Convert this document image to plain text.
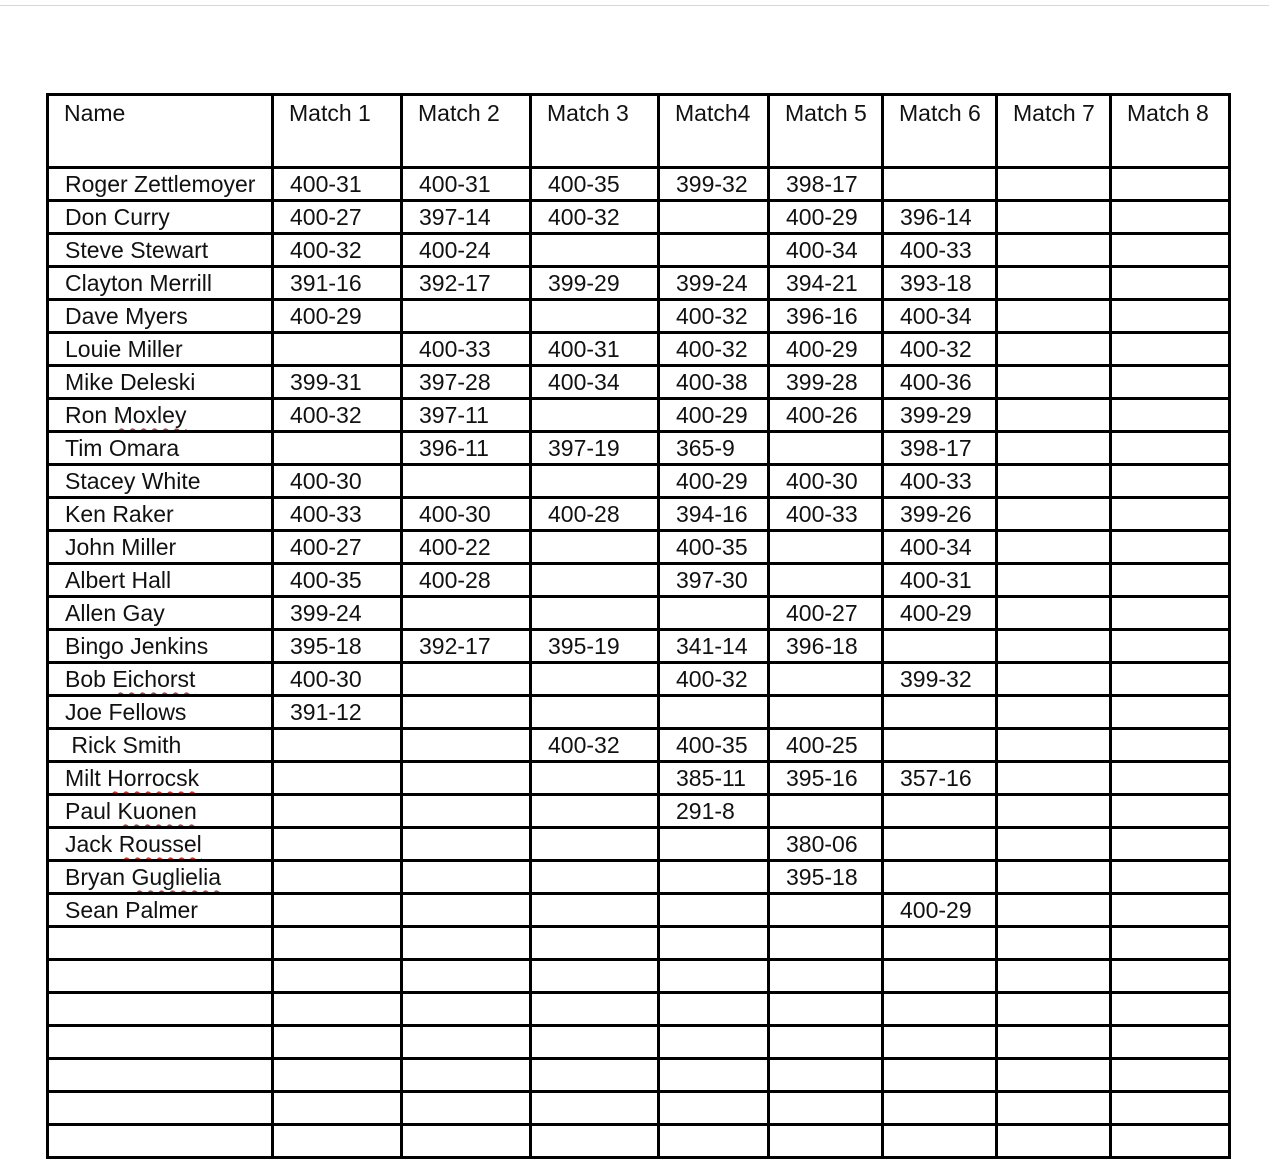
Name	Match 1	Match 2	Match 3	Match4	Match 5	Match 6	Match 7	Match 8
Roger Zettlemoyer	400-31	400-31	400-35	399-32	398-17			
Don Curry	400-27	397-14	400-32		400-29	396-14		
Steve Stewart	400-32	400-24			400-34	400-33		
Clayton Merrill	391-16	392-17	399-29	399-24	394-21	393-18		
Dave Myers	400-29			400-32	396-16	400-34		
Louie Miller		400-33	400-31	400-32	400-29	400-32		
Mike Deleski	399-31	397-28	400-34	400-38	399-28	400-36		
Ron Moxley	400-32	397-11		400-29	400-26	399-29		
Tim Omara		396-11	397-19	365-9		398-17		
Stacey White	400-30			400-29	400-30	400-33		
Ken Raker	400-33	400-30	400-28	394-16	400-33	399-26		
John Miller	400-27	400-22		400-35		400-34		
Albert Hall	400-35	400-28		397-30		400-31		
Allen Gay	399-24				400-27	400-29		
Bingo Jenkins	395-18	392-17	395-19	341-14	396-18			
Bob Eichorst	400-30			400-32		399-32		
Joe Fellows	391-12							
Rick Smith			400-32	400-35	400-25			
Milt Horrocsk				385-11	395-16	357-16		
Paul Kuonen				291-8				
Jack Roussel					380-06			
Bryan Guglielia					395-18			
Sean Palmer						400-29		
